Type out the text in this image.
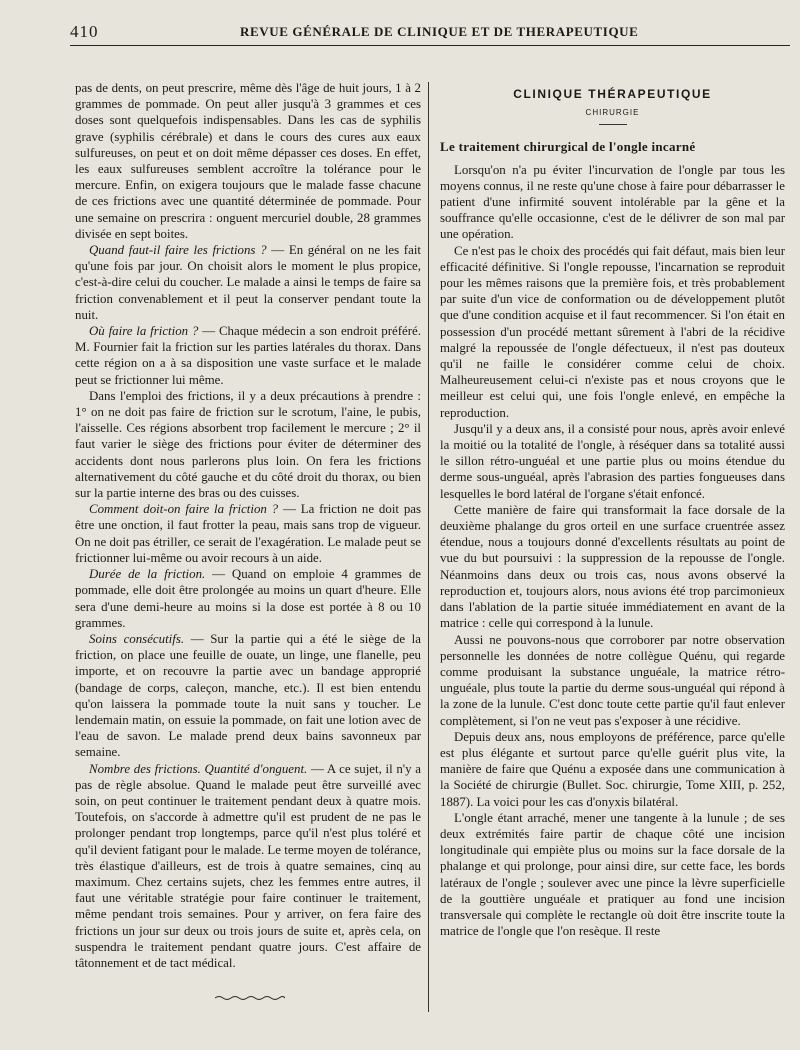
410	REVUE GÉNÉRALE DE CLINIQUE ET DE THERAPEUTIQUE

pas de dents, on peut prescrire, même dès l'âge de huit jours, 1 à 2 grammes de pommade. On peut aller jusqu'à 3 grammes et ces doses sont quelquefois indispensables. Dans les cas de syphilis grave (syphilis cérébrale) et dans le cours des cures aux eaux sulfureuses, on peut et on doit même dépasser ces doses. En effet, les eaux sulfureuses semblent accroître la tolérance pour le mercure. Enfin, on exigera toujours que le malade fasse chacune de ces frictions avec une quantité déterminée de pommade. Pour une semaine on prescrira : onguent mercuriel double, 28 grammes divisée en sept boites.

Quand faut-il faire les frictions ? — En général on ne les fait qu'une fois par jour. On choisit alors le moment le plus propice, c'est-à-dire celui du coucher. Le malade a ainsi le temps de faire sa friction convenablement et il peut la conserver pendant toute la nuit.

Où faire la friction ? — Chaque médecin a son endroit préféré. M. Fournier fait la friction sur les parties latérales du thorax. Dans cette région on a à sa disposition une vaste surface et le malade peut se frictionner lui même.

Dans l'emploi des frictions, il y a deux précautions à prendre : 1° on ne doit pas faire de friction sur le scrotum, l'aine, le pubis, l'aisselle. Ces régions absorbent trop facilement le mercure ; 2° il faut varier le siège des frictions pour éviter de déterminer des accidents dont nous parlerons plus loin. On fera les frictions alternativement du côté gauche et du côté droit du thorax, ou bien sur la partie interne des bras ou des cuisses.

Comment doit-on faire la friction ? — La friction ne doit pas être une onction, il faut frotter la peau, mais sans trop de vigueur. On ne doit pas étriller, ce serait de l'exagération. Le malade peut se frictionner lui-même ou avoir recours à un aide.

Durée de la friction. — Quand on emploie 4 grammes de pommade, elle doit être prolongée au moins un quart d'heure. Elle sera d'une demi-heure au moins si la dose est portée à 8 ou 10 grammes.

Soins consécutifs. — Sur la partie qui a été le siège de la friction, on place une feuille de ouate, un linge, une flanelle, peu importe, et on recouvre la partie avec un bandage approprié (bandage de corps, caleçon, manche, etc.). Il est bien entendu qu'on laissera la pommade toute la nuit sans y toucher. Le lendemain matin, on essuie la pommade, on fait une lotion avec de l'eau de savon. Le malade prend deux bains savonneux par semaine.

Nombre des frictions. Quantité d'onguent. — A ce sujet, il n'y a pas de règle absolue. Quand le malade peut être surveillé avec soin, on peut continuer le traitement pendant deux à quatre mois. Toutefois, on s'accorde à admettre qu'il est prudent de ne pas le prolonger pendant trop longtemps, parce qu'il n'est plus toléré et qu'il devient fatigant pour le malade. Le terme moyen de tolérance, très élastique d'ailleurs, est de trois à quatre semaines, cinq au maximum. Chez certains sujets, chez les femmes entre autres, il faut une véritable stratégie pour faire continuer le traitement, même pendant trois semaines. Pour y arriver, on fera faire des frictions un jour sur deux ou trois jours de suite et, après cela, on suspendra le traitement pendant quatre jours. C'est affaire de tâtonnement et de tact médical.

CLINIQUE THÉRAPEUTIQUE
CHIRURGIE
Le traitement chirurgical de l'ongle incarné

Lorsqu'on n'a pu éviter l'incurvation de l'ongle par tous les moyens connus, il ne reste qu'une chose à faire pour débarrasser le patient d'une infirmité souvent intolérable par la gêne et la souffrance qu'elle occasionne, c'est de le délivrer de son mal par une opération.

Ce n'est pas le choix des procédés qui fait défaut, mais bien leur efficacité définitive. Si l'ongle repousse, l'incarnation se reproduit pour les mêmes raisons que la première fois, et très probablement par suite d'un vice de conformation ou de développement plutôt que d'une condition acquise et il faut recommencer. Si l'on était en possession d'un procédé mettant sûrement à l'abri de la récidive malgré la repoussée de l'ongle défectueux, il n'est pas douteux qu'il ne faille le considérer comme celui de choix. Malheureusement celui-ci n'existe pas et nous croyons que le meilleur est celui qui, une fois l'ongle enlevé, en empêche la reproduction.

Jusqu'il y a deux ans, il a consisté pour nous, après avoir enlevé la moitié ou la totalité de l'ongle, à réséquer dans sa totalité aussi le sillon rétro-unguéal et une partie plus ou moins étendue du derme sous-unguéal, après l'abrasion des parties fongueuses dans lesquelles le bord latéral de l'organe s'était enfoncé.

Cette manière de faire qui transformait la face dorsale de la deuxième phalange du gros orteil en une surface cruentrée assez étendue, nous a toujours donné d'excellents résultats au point de vue du but poursuivi : la suppression de la repousse de l'ongle. Néanmoins dans deux ou trois cas, nous avons observé la reproduction et, toujours alors, nous avions été trop parcimonieux dans l'ablation de la partie située immédiatement en avant de la matrice : celle qui correspond à la lunule.

Aussi ne pouvons-nous que corroborer par notre observation personnelle les données de notre collègue Quénu, qui regarde comme produisant la substance unguéale, la matrice rétro-unguéale, plus toute la partie du derme sous-unguéal qui répond à la zone de la lunule. C'est donc toute cette partie qu'il faut enlever complètement, si l'on ne veut pas s'exposer à une récidive.

Depuis deux ans, nous employons de préférence, parce qu'elle est plus élégante et surtout parce qu'elle guérit plus vite, la manière de faire que Quénu a exposée dans une communication à la Société de chirurgie (Bullet. Soc. chirurgie, Tome XIII, p. 252, 1887). La voici pour les cas d'onyxis bilatéral.

L'ongle étant arraché, mener une tangente à la lunule ; de ses deux extrémités faire partir de chaque côté une incision longitudinale qui empiète plus ou moins sur la face dorsale de la phalange et qui prolonge, pour ainsi dire, sur cette face, les bords latéraux de l'ongle ; soulever avec une pince la lèvre superficielle de la gouttière unguéale et pratiquer au fond une incision transversale qui complète le rectangle où doit être inscrite toute la matrice de l'ongle que l'on resèque. Il reste
